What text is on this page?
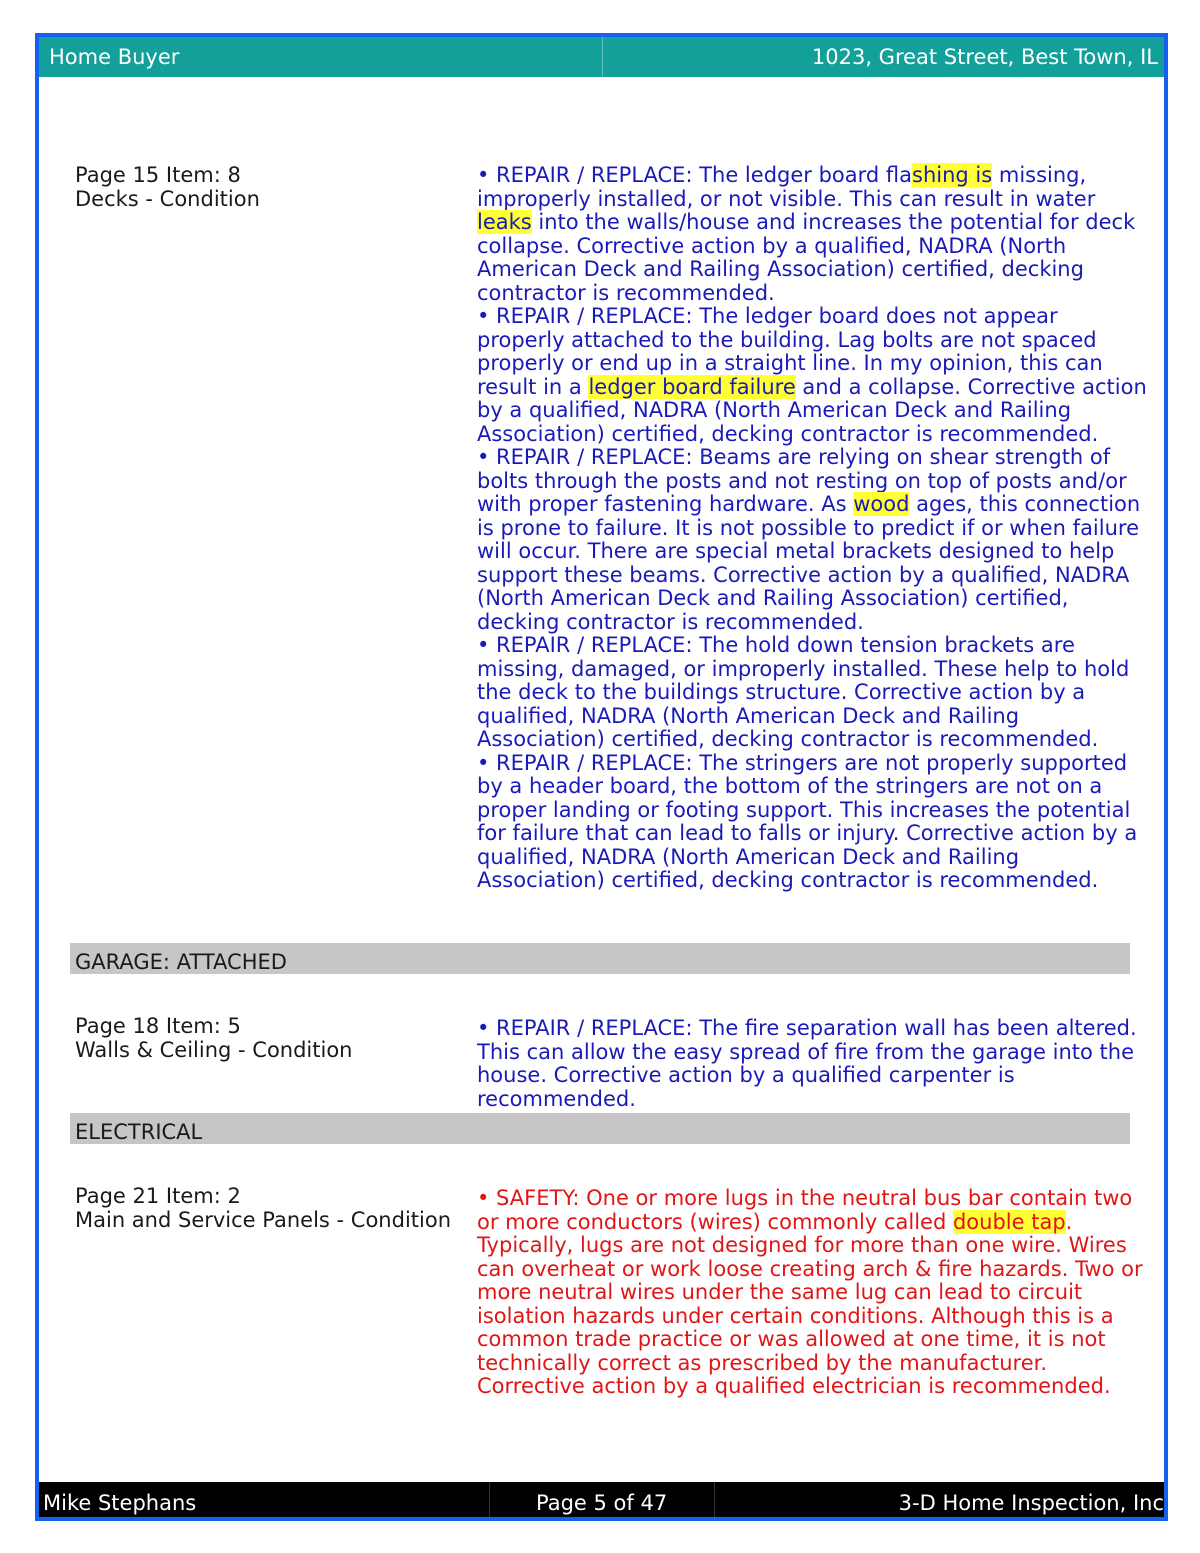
Home Buyer	1023, Great Street, Best Town, IL
Page 15 Item: 8
Decks - Condition

• REPAIR / REPLACE: The ledger board flashing is missing, improperly installed, or not visible. This can result in water leaks into the walls/house and increases the potential for deck collapse. Corrective action by a qualified, NADRA (North American Deck and Railing Association) certified, decking contractor is recommended.

• REPAIR / REPLACE: The ledger board does not appear properly attached to the building. Lag bolts are not spaced properly or end up in a straight line. In my opinion, this can result in a ledger board failure and a collapse. Corrective action by a qualified, NADRA (North American Deck and Railing Association) certified, decking contractor is recommended.

• REPAIR / REPLACE: Beams are relying on shear strength of bolts through the posts and not resting on top of posts and/or with proper fastening hardware. As wood ages, this connection is prone to failure. It is not possible to predict if or when failure will occur. There are special metal brackets designed to help support these beams. Corrective action by a qualified, NADRA (North American Deck and Railing Association) certified, decking contractor is recommended.

• REPAIR / REPLACE: The hold down tension brackets are missing, damaged, or improperly installed. These help to hold the deck to the buildings structure. Corrective action by a qualified, NADRA (North American Deck and Railing Association) certified, decking contractor is recommended.

• REPAIR / REPLACE: The stringers are not properly supported by a header board, the bottom of the stringers are not on a proper landing or footing support. This increases the potential for failure that can lead to falls or injury. Corrective action by a qualified, NADRA (North American Deck and Railing Association) certified, decking contractor is recommended.

GARAGE: ATTACHED
Page 18 Item: 5
Walls & Ceiling - Condition

• REPAIR / REPLACE: The fire separation wall has been altered. This can allow the easy spread of fire from the garage into the house. Corrective action by a qualified carpenter is recommended.

ELECTRICAL
Page 21 Item: 2
Main and Service Panels - Condition

• SAFETY: One or more lugs in the neutral bus bar contain two or more conductors (wires) commonly called double tap. Typically, lugs are not designed for more than one wire. Wires can overheat or work loose creating arch & fire hazards. Two or more neutral wires under the same lug can lead to circuit isolation hazards under certain conditions. Although this is a common trade practice or was allowed at one time, it is not technically correct as prescribed by the manufacturer. Corrective action by a qualified electrician is recommended.

Mike Stephans	Page 5 of 47	3-D Home Inspection, Inc
